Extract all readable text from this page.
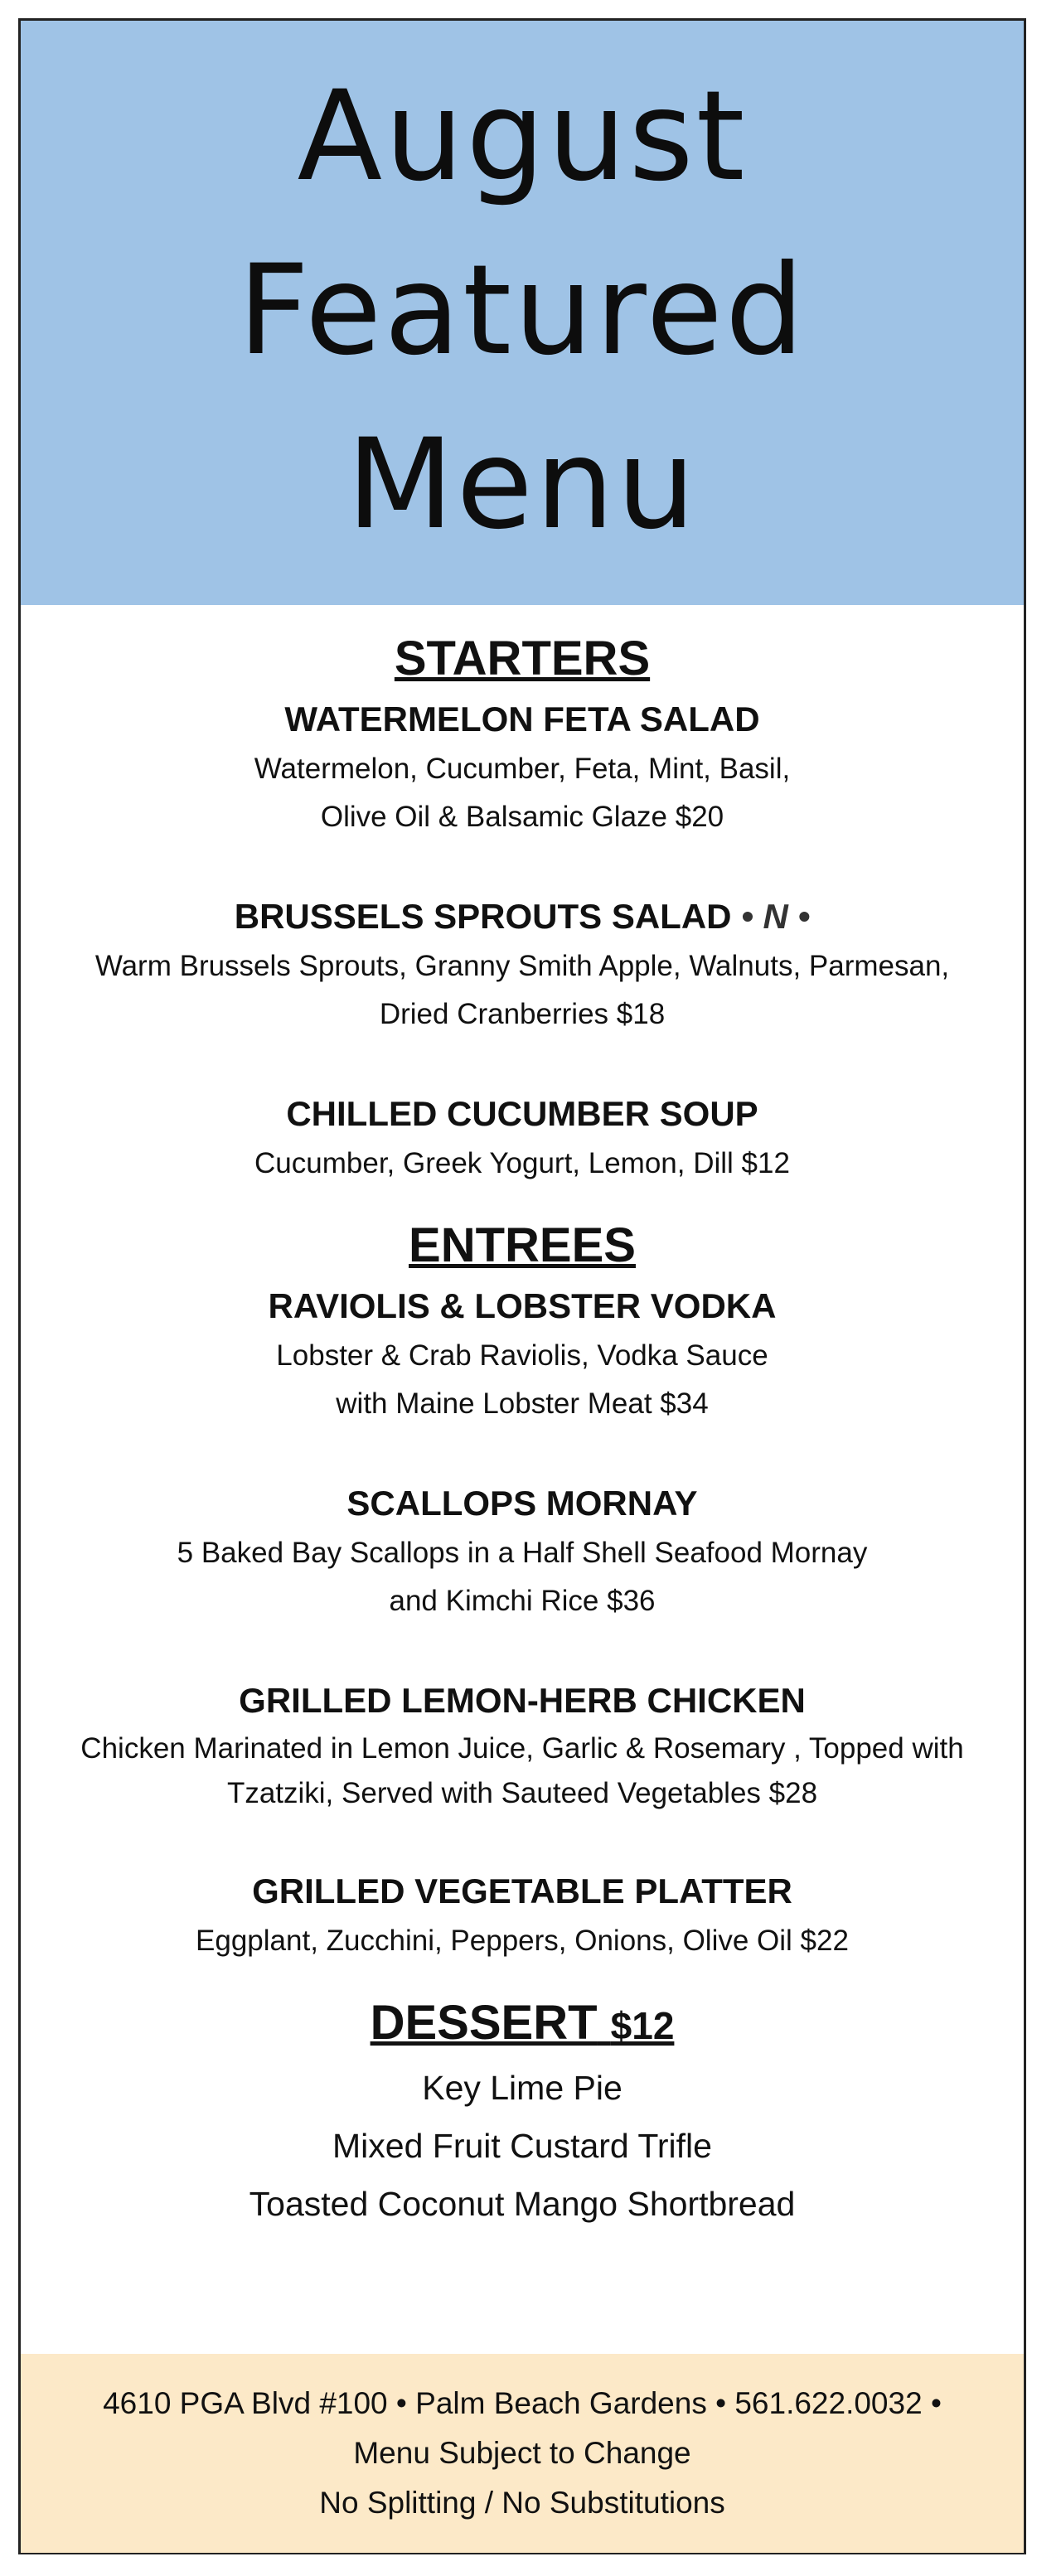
August
Featured
Menu
STARTERS
WATERMELON FETA SALAD
Watermelon, Cucumber, Feta, Mint, Basil,
Olive Oil & Balsamic Glaze $20
BRUSSELS SPROUTS SALAD • N •
Warm Brussels Sprouts, Granny Smith Apple, Walnuts, Parmesan,
Dried Cranberries $18
CHILLED CUCUMBER SOUP
Cucumber, Greek Yogurt, Lemon, Dill $12
ENTREES
RAVIOLIS & LOBSTER VODKA
Lobster & Crab Raviolis, Vodka Sauce
with Maine Lobster Meat $34
SCALLOPS MORNAY
5 Baked Bay Scallops in a Half Shell Seafood Mornay
and Kimchi Rice $36
GRILLED LEMON-HERB CHICKEN
Chicken Marinated in Lemon Juice, Garlic & Rosemary , Topped with
Tzatziki, Served with Sauteed Vegetables $28
GRILLED VEGETABLE PLATTER
Eggplant, Zucchini, Peppers, Onions, Olive Oil $22
DESSERT $12
Key Lime Pie
Mixed Fruit Custard Trifle
Toasted Coconut Mango Shortbread
4610 PGA Blvd #100 • Palm Beach Gardens • 561.622.0032 •
Menu Subject to Change
No Splitting / No Substitutions
